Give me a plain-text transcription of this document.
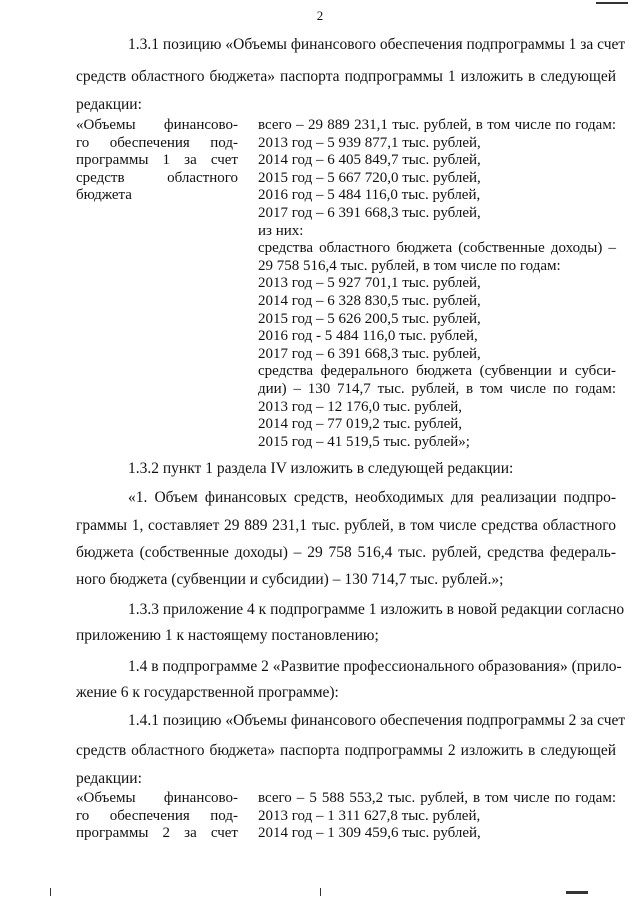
2
1.3.1 позицию «Объемы финансового обеспечения подпрограммы 1 за счет
средств областного бюджета» паспорта подпрограммы 1 изложить в следующей
редакции:
«Объемы финансово-
го обеспечения под-
программы 1 за счет
средств областного
бюджета
всего – 29 889 231,1 тыс. рублей, в том числе по годам:
2013 год – 5 939 877,1 тыс. рублей,
2014 год – 6 405 849,7 тыс. рублей,
2015 год – 5 667 720,0 тыс. рублей,
2016 год – 5 484 116,0 тыс. рублей,
2017 год – 6 391 668,3 тыс. рублей,
из них:
средства областного бюджета (собственные доходы) –
29 758 516,4 тыс. рублей, в том числе по годам:
2013 год – 5 927 701,1 тыс. рублей,
2014 год – 6 328 830,5 тыс. рублей,
2015 год – 5 626 200,5 тыс. рублей,
2016 год - 5 484 116,0 тыс. рублей,
2017 год – 6 391 668,3 тыс. рублей,
средства федерального бюджета (субвенции и субси-
дии) – 130 714,7 тыс. рублей, в том числе по годам:
2013 год – 12 176,0 тыс. рублей,
2014 год – 77 019,2 тыс. рублей,
2015 год – 41 519,5 тыс. рублей»;
1.3.2 пункт 1 раздела IV изложить в следующей редакции:
«1. Объем финансовых средств, необходимых для реализации подпро-
граммы 1, составляет 29 889 231,1 тыс. рублей, в том числе средства областного
бюджета (собственные доходы) – 29 758 516,4 тыс. рублей, средства федераль-
ного бюджета (субвенции и субсидии) – 130 714,7 тыс. рублей.»;
1.3.3 приложение 4 к подпрограмме 1 изложить в новой редакции согласно
приложению 1 к настоящему постановлению;
1.4 в подпрограмме 2 «Развитие профессионального образования» (прило-
жение 6 к государственной программе):
1.4.1 позицию «Объемы финансового обеспечения подпрограммы 2 за счет
средств областного бюджета» паспорта подпрограммы 2 изложить в следующей
редакции:
«Объемы финансово-
го обеспечения под-
программы 2 за счет
всего – 5 588 553,2 тыс. рублей, в том числе по годам:
2013 год – 1 311 627,8 тыс. рублей,
2014 год – 1 309 459,6 тыс. рублей,
